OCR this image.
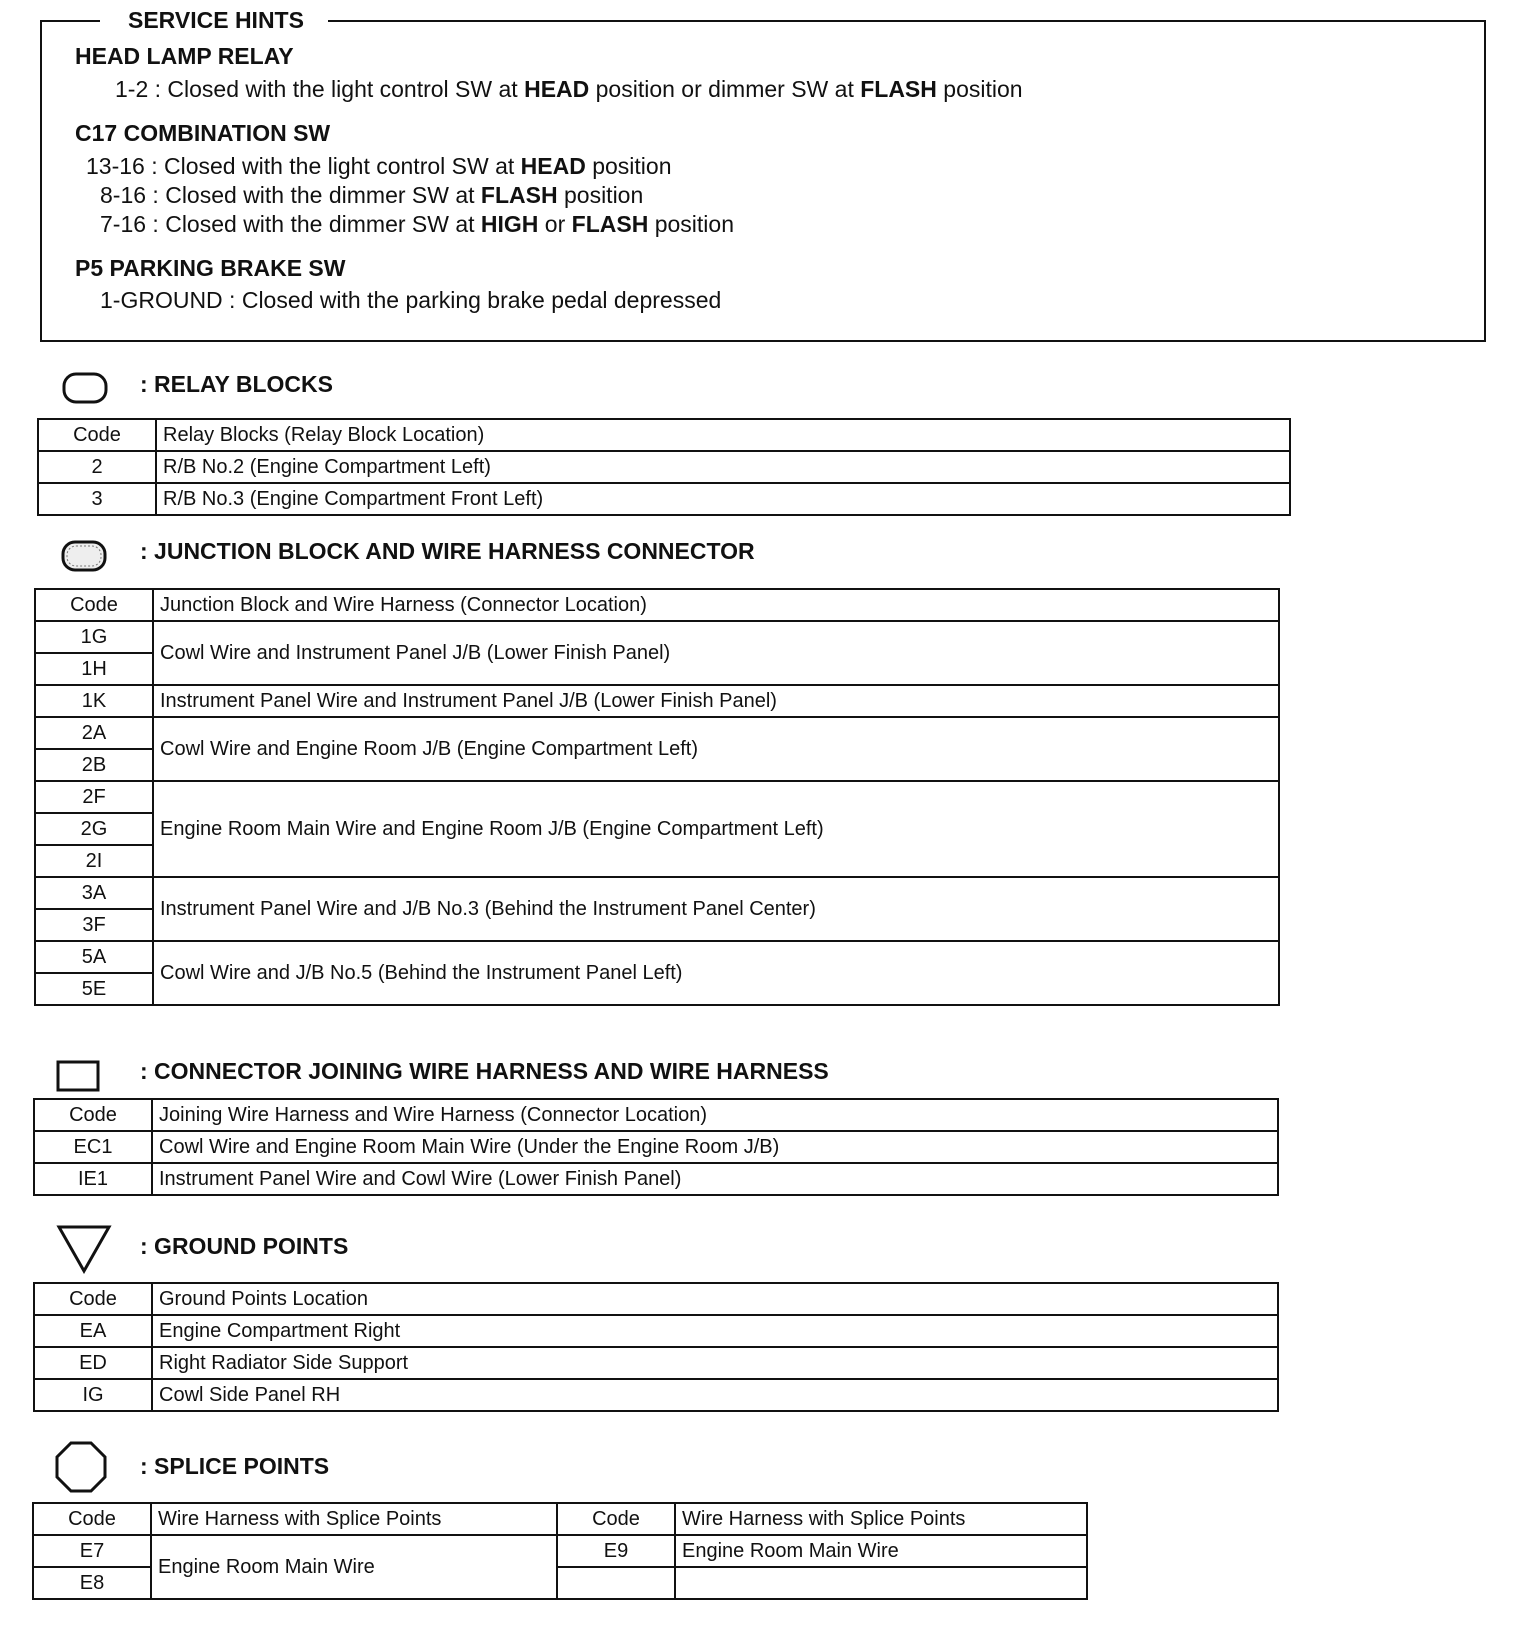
SERVICE HINTS
HEAD LAMP RELAY
1-2 : Closed with the light control SW at HEAD position or dimmer SW at FLASH position
C17 COMBINATION SW
13-16 : Closed with the light control SW at HEAD position
8-16 : Closed with the dimmer SW at FLASH position
7-16 : Closed with the dimmer SW at HIGH or FLASH position
P5 PARKING BRAKE SW
1-GROUND : Closed with the parking brake pedal depressed
: RELAY BLOCKS
Code	Relay Blocks (Relay Block Location)
2	R/B No.2 (Engine Compartment Left)
3	R/B No.3 (Engine Compartment Front Left)
: JUNCTION BLOCK AND WIRE HARNESS CONNECTOR
Code	Junction Block and Wire Harness (Connector Location)
1G	Cowl Wire and Instrument Panel J/B (Lower Finish Panel)
1H	
1K	Instrument Panel Wire and Instrument Panel J/B (Lower Finish Panel)
2A	Cowl Wire and Engine Room J/B (Engine Compartment Left)
2B	
2F	Engine Room Main Wire and Engine Room J/B (Engine Compartment Left)
2G	
2I	
3A	Instrument Panel Wire and J/B No.3 (Behind the Instrument Panel Center)
3F	
5A	Cowl Wire and J/B No.5 (Behind the Instrument Panel Left)
5E	
: CONNECTOR JOINING WIRE HARNESS AND WIRE HARNESS
Code	Joining Wire Harness and Wire Harness (Connector Location)
EC1	Cowl Wire and Engine Room Main Wire (Under the Engine Room J/B)
IE1	Instrument Panel Wire and Cowl Wire (Lower Finish Panel)
: GROUND POINTS
Code	Ground Points Location
EA	Engine Compartment Right
ED	Right Radiator Side Support
IG	Cowl Side Panel RH
: SPLICE POINTS
Code	Wire Harness with Splice Points	Code	Wire Harness with Splice Points
E7	Engine Room Main Wire	E9	Engine Room Main Wire
E8			
